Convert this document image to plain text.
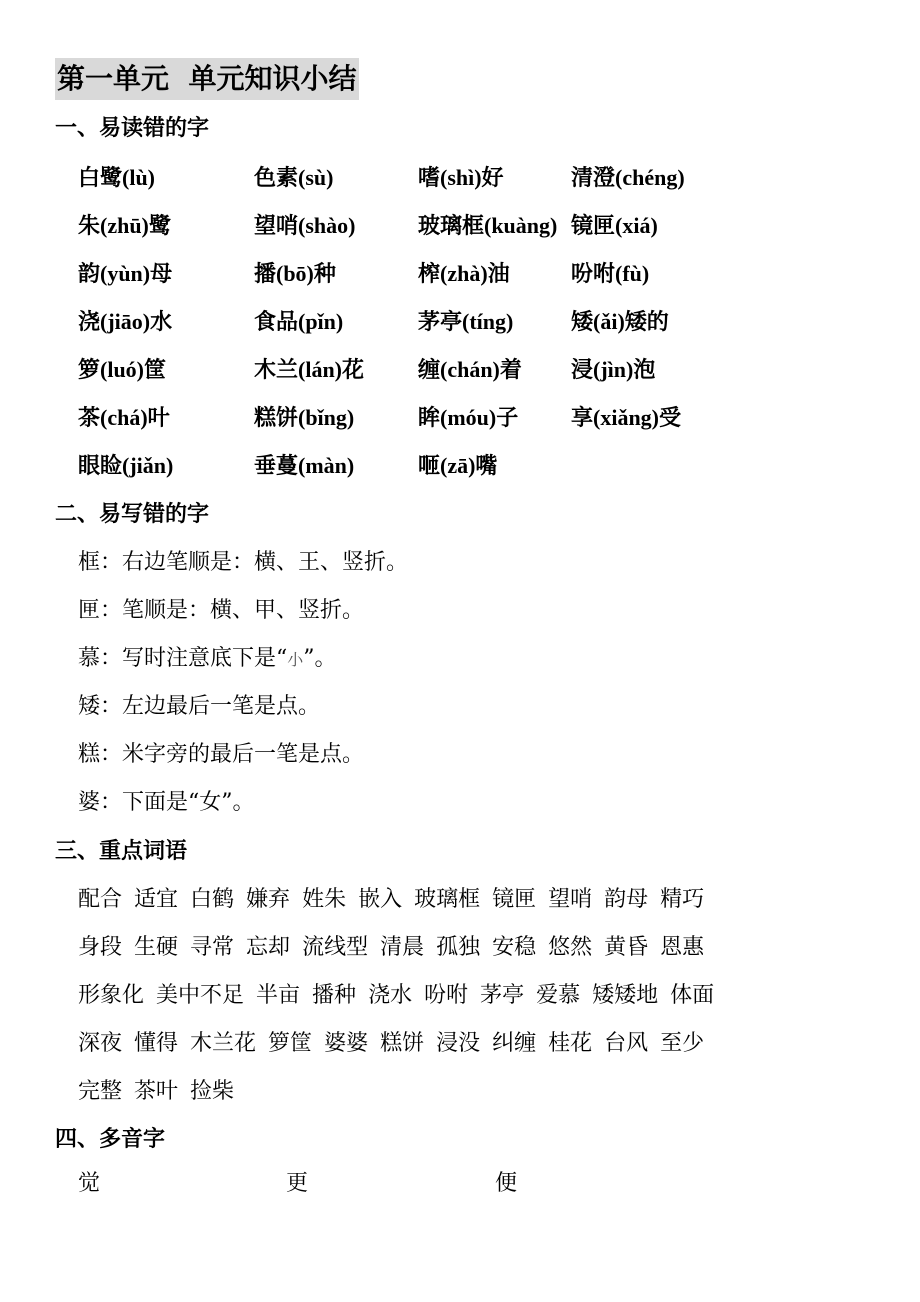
第一单元  单元知识小结
一、易读错的字
白鹭(lù)	色素(sù)	嗜(shì)好	清澄(chéng)
朱(zhū)鹭	望哨(shào)	玻璃框(kuàng) 镜匣(xiá)
韵(yùn)母	播(bō)种	榨(zhà)油	吩咐(fù)
浇(jiāo)水	食品(pǐn)	茅亭(tíng)	矮(ǎi)矮的
箩(luó)筐	木兰(lán)花 缠(chán)着 浸(jìn)泡
茶(chá)叶	糕饼(bǐng)	眸(móu)子 享(xiǎng)受
眼睑(jiǎn)	垂蔓(màn)	咂(zā)嘴
二、易写错的字
框：右边笔顺是：横、王、竖折。
匣：笔顺是：横、甲、竖折。
慕：写时注意底下是“小”。
矮：左边最后一笔是点。
糕：米字旁的最后一笔是点。
婆：下面是“女”。
三、重点词语
配合 适宜 白鹤 嫌弃 姓朱 嵌入 玻璃框 镜匣 望哨 韵母 精巧
身段 生硬 寻常 忘却 流线型 清晨 孤独 安稳 悠然 黄昏 恩惠
形象化 美中不足 半亩 播种 浇水 吩咐 茅亭 爱慕 矮矮地 体面
深夜 懂得 木兰花 箩筐 婆婆 糕饼 浸没 纠缠 桂花 台风 至少
完整 茶叶 捡柴
四、多音字
觉	更	便
